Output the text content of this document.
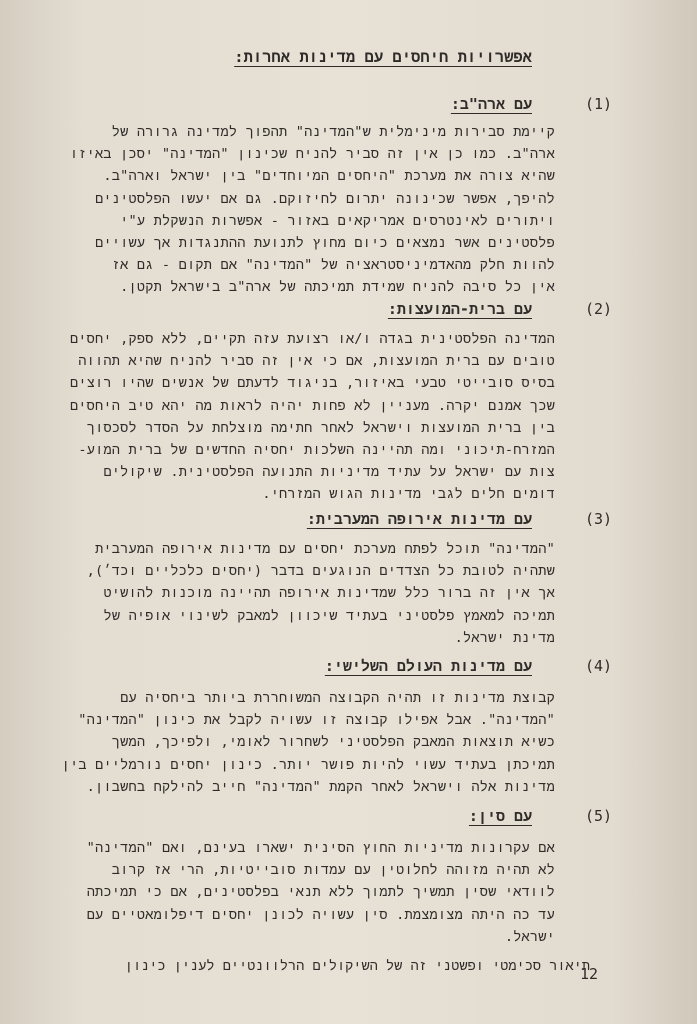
אפשרויות חיחסים עם מדינות אחרות:
(1)
עם ארה"ב:
קיימת סבירות מינימלית ש"המדינה" תהפוך למדינה גרורה של
ארה"ב. כמו כן אין זה סביר להניח שכינון "המדינה" יסכן באיזו
שהיא צורה את מערכת "היחסים המיוחדים" בין ישראל וארה"ב.
להיפך, אפשר שכינונה יתרום לחיזוקם. גם אם יעשו הפלסטינים
ויתורים לאינטרסים אמריקאים באזור - אפשרות הנשקלת ע"י
פלסטינים אשר נמצאים כיום מחוץ לתנועת ההתנגדות אך עשויים
להוות חלק מהאדמיניסטראציה של "המדינה" אם תקום - גם אז
אין כל סיבה להניח שמידת תמיכתה של ארה"ב בישראל תקטן.
(2)
עם ברית-המועצות:
המדינה הפלסטינית בגדה ו/או רצועת עזה תקיים, ללא ספק, יחסים
טובים עם ברית המועצות, אם כי אין זה סביר להניח שהיא תהווה
בסיס סובייטי טבעי באיזור, בניגוד לדעתם של אנשים שהיו רוצים
שכך אמנם יקרה. מעניין לא פחות יהיה לראות מה יהא טיב היחסים
בין ברית המועצות וישראל לאחר חתימה מוצלחת על הסדר לסכסוך
המזרח-תיכוני ומה תהיינה השלכות יחסיה החדשים של ברית המוע-
צות עם ישראל על עתיד מדיניות התנועה הפלסטינית. שיקולים
דומים חלים לגבי מדינות הגוש המזרחי.
(3)
עם מדינות אירופה המערבית:
"המדינה" תוכל לפתח מערכת יחסים עם מדינות אירופה המערבית
שתהיה לטובת כל הצדדים הנוגעים בדבר (יחסים כלכליים וכד׳),
אך אין זה ברור כלל שמדינות אירופה תהיינה מוכנות להושיט
תמיכה למאמץ פלסטיני בעתיד שיכוון למאבק לשינוי אופיה של
מדינת ישראל.
(4)
עם מדינות העולם השלישי:
קבוצת מדינות זו תהיה הקבוצה המשוחררת ביותר ביחסיה עם
"המדינה". אבל אפילו קבוצה זו עשויה לקבל את כינון "המדינה"
כשיא תוצאות המאבק הפלסטיני לשחרור לאומי, ולפיכך, המשך
תמיכתן בעתיד עשוי להיות פושר יותר. כינון יחסים נורמליים בין
מדינות אלה וישראל לאחר הקמת "המדינה" חייב להילקח בחשבון.
(5)
עם סין:
אם עקרונות מדיניות החוץ הסינית ישארו בעינם, ואם "המדינה"
לא תהיה מזוהה לחלוטין עם עמדות סובייטיות, הרי אז קרוב
לוודאי שסין תמשיך לתמוך ללא תנאי בפלסטינים, אם כי תמיכתה
עד כה היתה מצומצמת. סין עשויה לכונן יחסים דיפלומאטיים עם
ישראל.
תיאור סכימטי ופשטני זה של השיקולים הרלוונטיים לענין כינון
12
